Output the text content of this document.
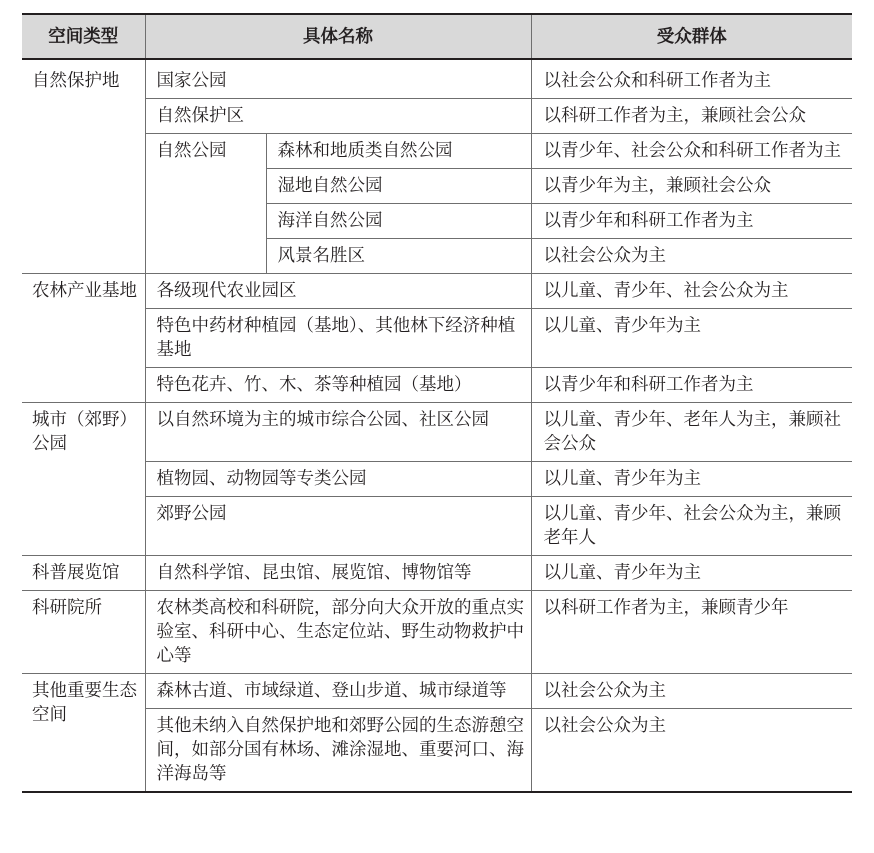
空间类型	具体名称		受众群体
自然保护地	国家公园		以社会公众和科研工作者为主
	自然保护区		以科研工作者为主，兼顾社会公众
	自然公园	森林和地质类自然公园	以青少年、社会公众和科研工作者为主
		湿地自然公园	以青少年为主，兼顾社会公众
		海洋自然公园	以青少年和科研工作者为主
		风景名胜区	以社会公众为主
农林产业基地	各级现代农业园区		以儿童、青少年、社会公众为主
	特色中药材种植园（基地）、其他林下经济种植基地		以儿童、青少年为主
	特色花卉、竹、木、茶等种植园（基地）		以青少年和科研工作者为主
城市（郊野）公园	以自然环境为主的城市综合公园、社区公园		以儿童、青少年、老年人为主，兼顾社会公众
	植物园、动物园等专类公园		以儿童、青少年为主
	郊野公园		以儿童、青少年、社会公众为主，兼顾老年人
科普展览馆	自然科学馆、昆虫馆、展览馆、博物馆等		以儿童、青少年为主
科研院所	农林类高校和科研院，部分向大众开放的重点实验室、科研中心、生态定位站、野生动物救护中心等		以科研工作者为主，兼顾青少年
其他重要生态空间	森林古道、市域绿道、登山步道、城市绿道等		以社会公众为主
	其他未纳入自然保护地和郊野公园的生态游憩空间，如部分国有林场、滩涂湿地、重要河口、海洋海岛等		以社会公众为主
